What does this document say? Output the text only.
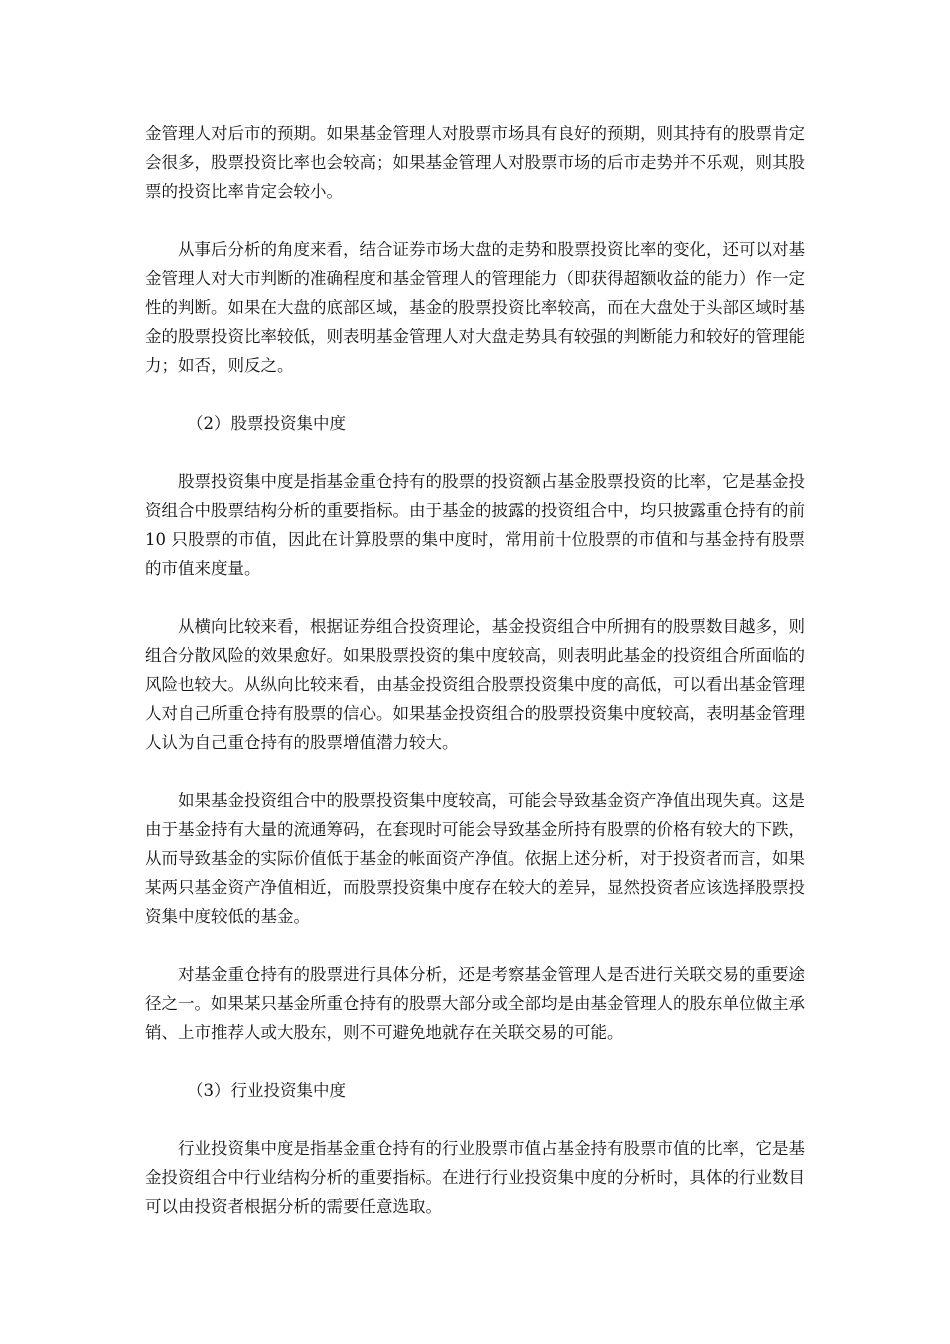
金管理人对后市的预期。如果基金管理人对股票市场具有良好的预期，则其持有的股票肯定会很多，股票投资比率也会较高；如果基金管理人对股票市场的后市走势并不乐观，则其股票的投资比率肯定会较小。

从事后分析的角度来看，结合证券市场大盘的走势和股票投资比率的变化，还可以对基金管理人对大市判断的准确程度和基金管理人的管理能力（即获得超额收益的能力）作一定性的判断。如果在大盘的底部区域，基金的股票投资比率较高，而在大盘处于头部区域时基金的股票投资比率较低，则表明基金管理人对大盘走势具有较强的判断能力和较好的管理能力；如否，则反之。

（2）股票投资集中度

股票投资集中度是指基金重仓持有的股票的投资额占基金股票投资的比率，它是基金投资组合中股票结构分析的重要指标。由于基金的披露的投资组合中，均只披露重仓持有的前 10 只股票的市值，因此在计算股票的集中度时，常用前十位股票的市值和与基金持有股票的市值来度量。

从横向比较来看，根据证券组合投资理论，基金投资组合中所拥有的股票数目越多，则组合分散风险的效果愈好。如果股票投资的集中度较高，则表明此基金的投资组合所面临的风险也较大。从纵向比较来看，由基金投资组合股票投资集中度的高低，可以看出基金管理人对自己所重仓持有股票的信心。如果基金投资组合的股票投资集中度较高，表明基金管理人认为自己重仓持有的股票增值潜力较大。

如果基金投资组合中的股票投资集中度较高，可能会导致基金资产净值出现失真。这是由于基金持有大量的流通筹码，在套现时可能会导致基金所持有股票的价格有较大的下跌，从而导致基金的实际价值低于基金的帐面资产净值。依据上述分析，对于投资者而言，如果某两只基金资产净值相近，而股票投资集中度存在较大的差异，显然投资者应该选择股票投资集中度较低的基金。

对基金重仓持有的股票进行具体分析，还是考察基金管理人是否进行关联交易的重要途径之一。如果某只基金所重仓持有的股票大部分或全部均是由基金管理人的股东单位做主承销、上市推荐人或大股东，则不可避免地就存在关联交易的可能。

（3）行业投资集中度

行业投资集中度是指基金重仓持有的行业股票市值占基金持有股票市值的比率，它是基金投资组合中行业结构分析的重要指标。在进行行业投资集中度的分析时，具体的行业数目可以由投资者根据分析的需要任意选取。
